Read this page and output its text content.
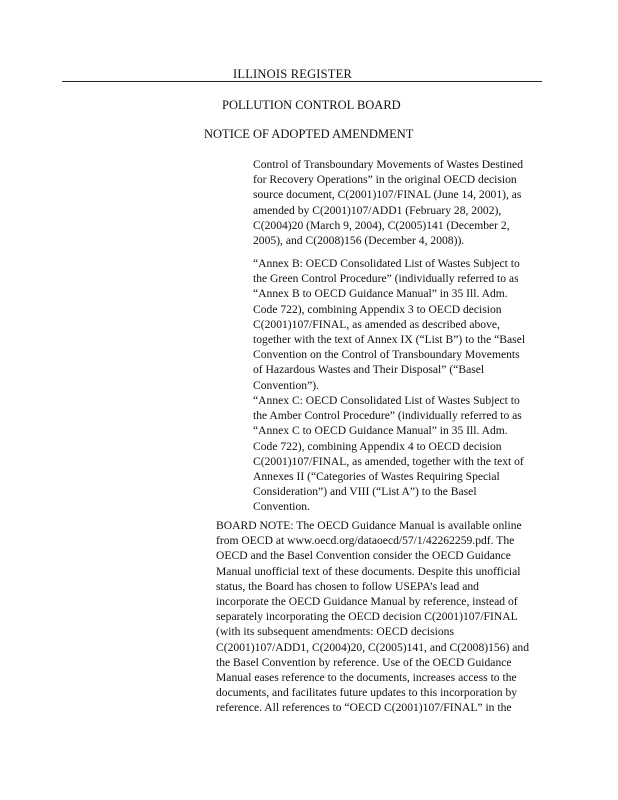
ILLINOIS REGISTER
POLLUTION CONTROL BOARD
NOTICE OF ADOPTED AMENDMENT
Control of Transboundary Movements of Wastes Destined
for Recovery Operations” in the original OECD decision
source document, C(2001)107/FINAL (June 14, 2001), as
amended by C(2001)107/ADD1 (February 28, 2002),
C(2004)20 (March 9, 2004), C(2005)141 (December 2,
2005), and C(2008)156 (December 4, 2008)).
“Annex B: OECD Consolidated List of Wastes Subject to
the Green Control Procedure” (individually referred to as
“Annex B to OECD Guidance Manual” in 35 Ill. Adm.
Code 722), combining Appendix 3 to OECD decision
C(2001)107/FINAL, as amended as described above,
together with the text of Annex IX (“List B”) to the “Basel
Convention on the Control of Transboundary Movements
of Hazardous Wastes and Their Disposal” (“Basel
Convention”).
“Annex C: OECD Consolidated List of Wastes Subject to
the Amber Control Procedure” (individually referred to as
“Annex C to OECD Guidance Manual” in 35 Ill. Adm.
Code 722), combining Appendix 4 to OECD decision
C(2001)107/FINAL, as amended, together with the text of
Annexes II (“Categories of Wastes Requiring Special
Consideration”) and VIII (“List A”) to the Basel
Convention.
BOARD NOTE: The OECD Guidance Manual is available online
from OECD at www.oecd.org/dataoecd/57/1/42262259.pdf. The
OECD and the Basel Convention consider the OECD Guidance
Manual unofficial text of these documents. Despite this unofficial
status, the Board has chosen to follow USEPA’s lead and
incorporate the OECD Guidance Manual by reference, instead of
separately incorporating the OECD decision C(2001)107/FINAL
(with its subsequent amendments: OECD decisions
C(2001)107/ADD1, C(2004)20, C(2005)141, and C(2008)156) and
the Basel Convention by reference. Use of the OECD Guidance
Manual eases reference to the documents, increases access to the
documents, and facilitates future updates to this incorporation by
reference. All references to “OECD C(2001)107/FINAL” in the
